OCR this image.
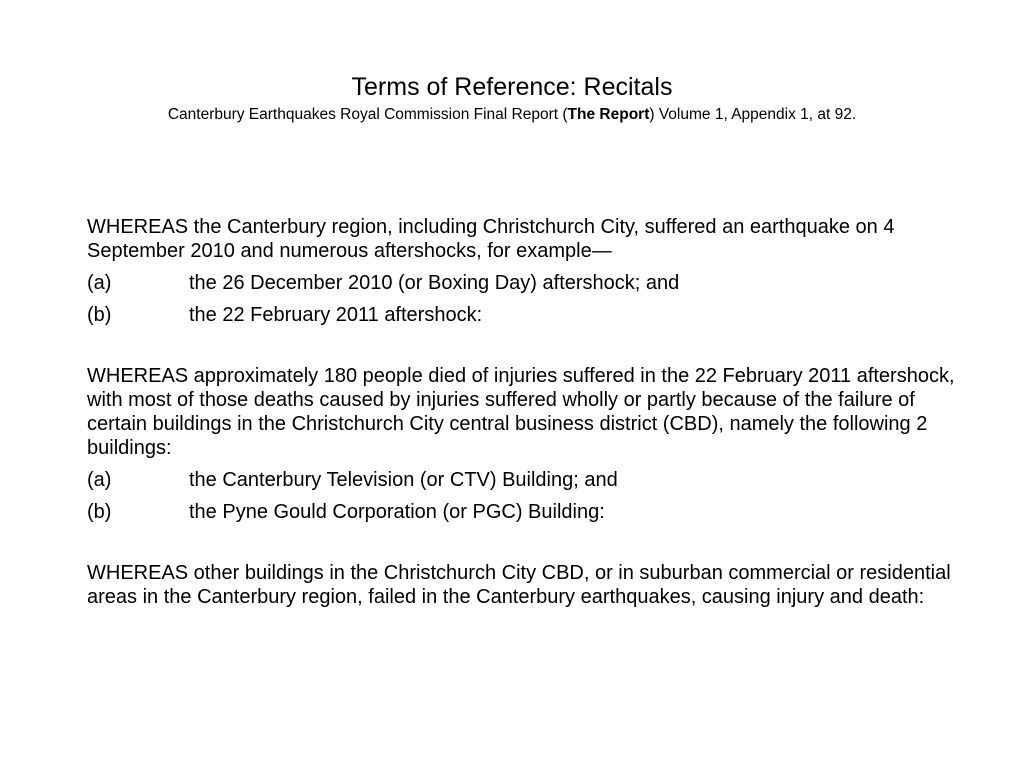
Terms of Reference: Recitals

Canterbury Earthquakes Royal Commission Final Report (The Report) Volume 1, Appendix 1, at 92.

WHEREAS the Canterbury region, including Christchurch City, suffered an earthquake on 4 September 2010 and numerous aftershocks, for example—

(a)	the 26 December 2010 (or Boxing Day) aftershock; and
(b)	the 22 February 2011 aftershock:

WHEREAS approximately 180 people died of injuries suffered in the 22 February 2011 aftershock, with most of those deaths caused by injuries suffered wholly or partly because of the failure of certain buildings in the Christchurch City central business district (CBD), namely the following 2 buildings:

(a)	the Canterbury Television (or CTV) Building; and
(b)	the Pyne Gould Corporation (or PGC) Building:

WHEREAS other buildings in the Christchurch City CBD, or in suburban commercial or residential areas in the Canterbury region, failed in the Canterbury earthquakes, causing injury and death:
